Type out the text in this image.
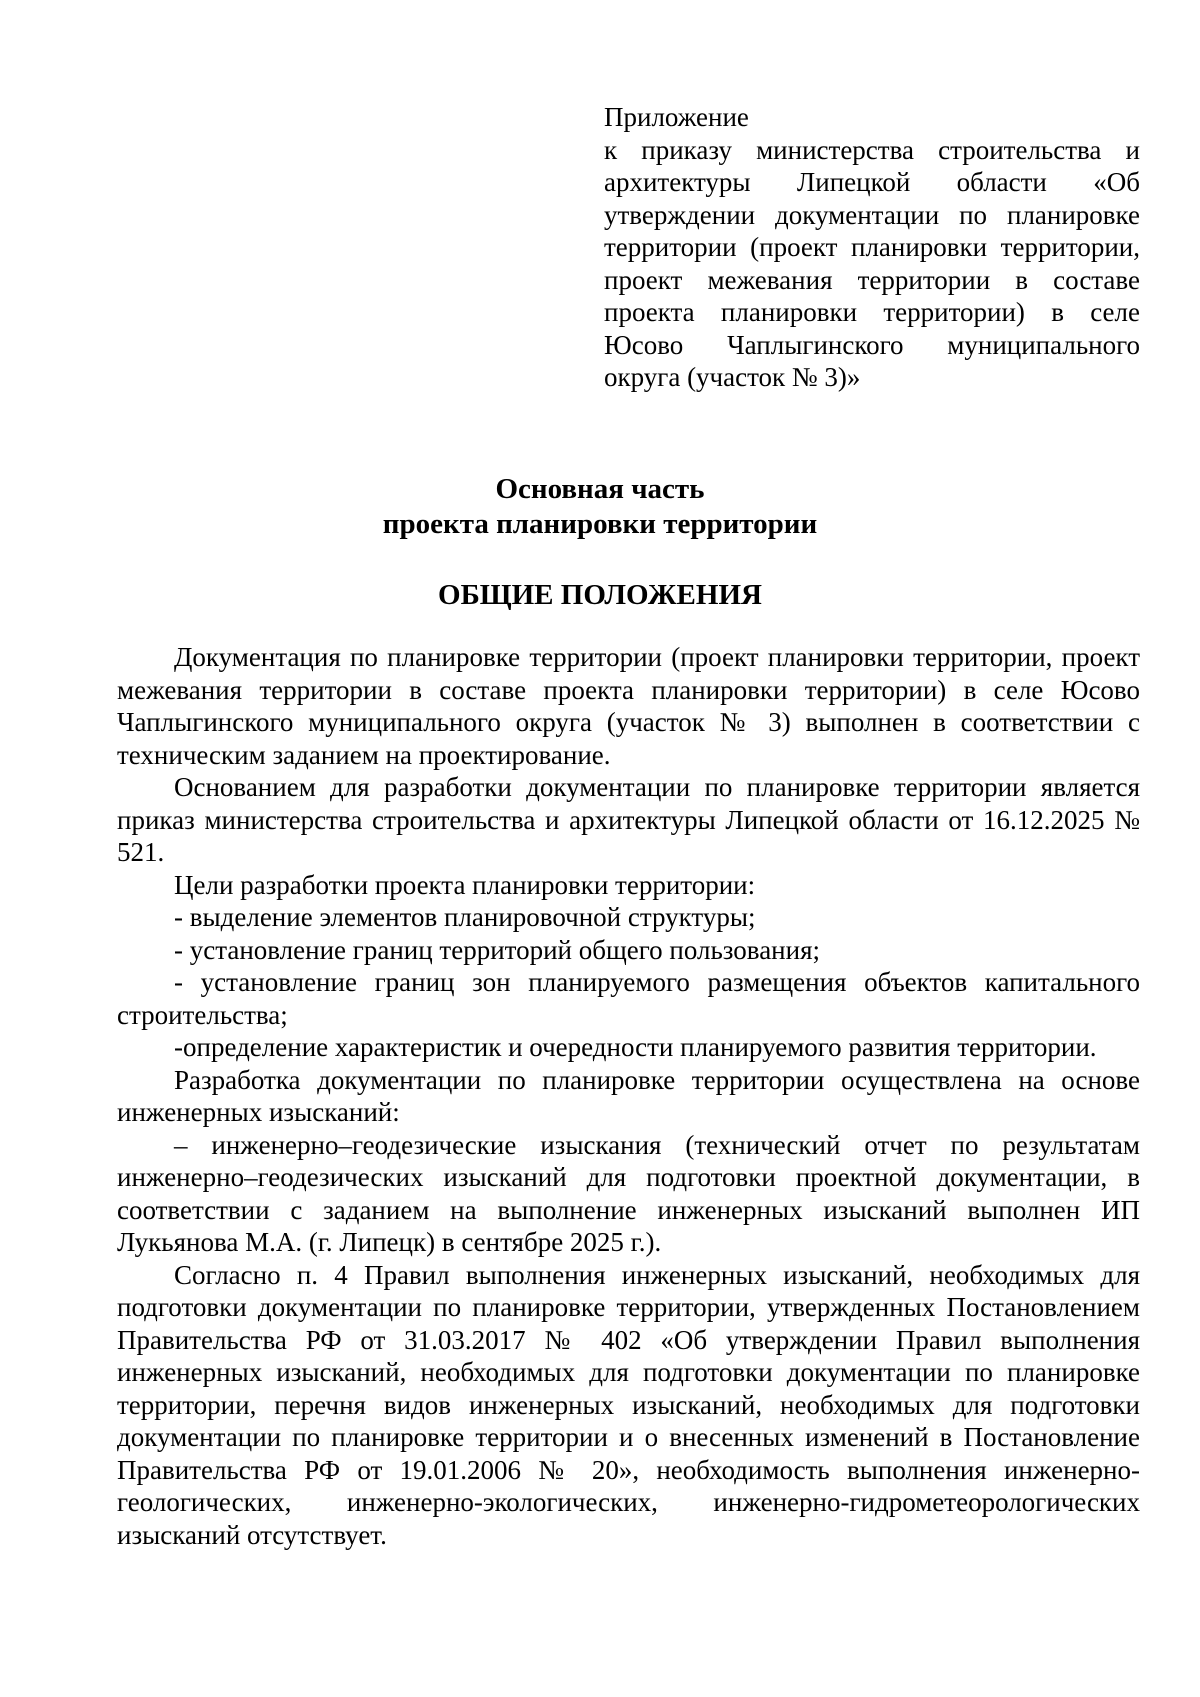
Приложение

к приказу министерства строительства и архитектуры Липецкой области «Об утверждении документации по планировке территории (проект планировки территории, проект межевания территории в составе проекта планировки территории) в селе Юсово Чаплыгинского муниципального округа (участок № 3)»

Основная часть

проекта планировки территории

ОБЩИЕ ПОЛОЖЕНИЯ

Документация по планировке территории (проект планировки территории, проект межевания территории в составе проекта планировки территории) в селе Юсово Чаплыгинского муниципального округа (участок № 3) выполнен в соответствии с техническим заданием на проектирование.

Основанием для разработки документации по планировке территории является приказ министерства строительства и архитектуры Липецкой области от 16.12.2025 № 521.

Цели разработки проекта планировки территории:

- выделение элементов планировочной структуры;

- установление границ территорий общего пользования;

- установление границ зон планируемого размещения объектов капитального строительства;

-определение характеристик и очередности планируемого развития территории.

Разработка документации по планировке территории осуществлена на основе инженерных изысканий:

– инженерно–геодезические изыскания (технический отчет по результатам инженерно–геодезических изысканий для подготовки проектной документации, в соответствии с заданием на выполнение инженерных изысканий выполнен ИП Лукьянова М.А. (г. Липецк) в сентябре 2025 г.).

Согласно п. 4 Правил выполнения инженерных изысканий, необходимых для подготовки документации по планировке территории, утвержденных Постановлением Правительства РФ от 31.03.2017 № 402 «Об утверждении Правил выполнения инженерных изысканий, необходимых для подготовки документации по планировке территории, перечня видов инженерных изысканий, необходимых для подготовки документации по планировке территории и о внесенных изменений в Постановление Правительства РФ от 19.01.2006 № 20», необходимость выполнения инженерно-геологических, инженерно-экологических, инженерно-гидрометеорологических изысканий отсутствует.
